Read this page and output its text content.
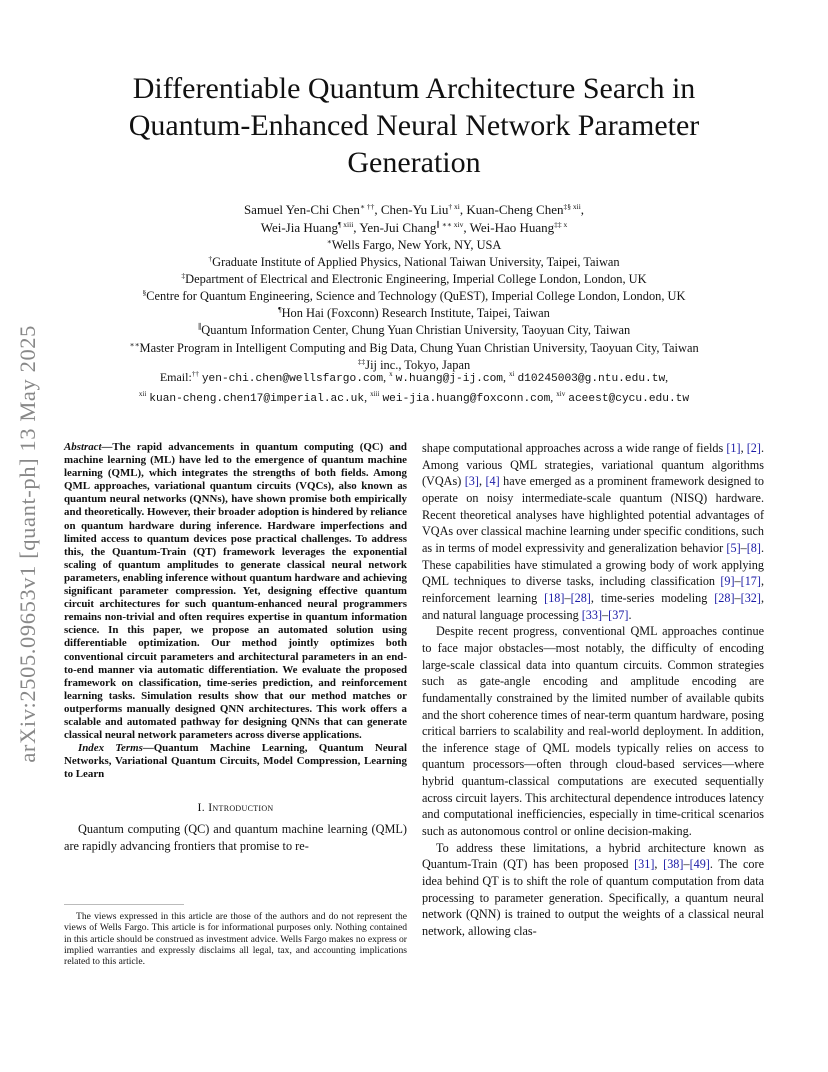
arXiv:2505.09653v1 [quant-ph] 13 May 2025
Differentiable Quantum Architecture Search in
Quantum-Enhanced Neural Network Parameter
Generation
Samuel Yen-Chi Chen∗ ††, Chen-Yu Liu$^{\dagger xi}$, Kuan-Cheng Chen$^{\ddagger\S xii}$,
Wei-Jia Huang$^{\P xiii}$, Yen-Jui Chang$^{\parallel ∗∗ xiv}$, Wei-Hao Huang$^{\ddagger\ddagger x}$
∗Wells Fargo, New York, NY, USA
†Graduate Institute of Applied Physics, National Taiwan University, Taipei, Taiwan
‡Department of Electrical and Electronic Engineering, Imperial College London, London, UK
§Centre for Quantum Engineering, Science and Technology (QuEST), Imperial College London, London, UK
¶Hon Hai (Foxconn) Research Institute, Taipei, Taiwan
∥Quantum Information Center, Chung Yuan Christian University, Taoyuan City, Taiwan
∗∗Master Program in Intelligent Computing and Big Data, Chung Yuan Christian University, Taoyuan City, Taiwan
‡‡Jij inc., Tokyo, Japan
Email:†† yen-chi.chen@wellsfargo.com, $^x$ w.huang@j-ij.com, $^{xi}$ d10245003@g.ntu.edu.tw,
$^{xii}$ kuan-cheng.chen17@imperial.ac.uk, $^{xiii}$ wei-jia.huang@foxconn.com, $^{xiv}$ aceest@cycu.edu.tw

Abstract—The rapid advancements in quantum computing (QC) and machine learning (ML) have led to the emergence of quantum machine learning (QML), which integrates the strengths of both fields. Among QML approaches, variational quantum circuits (VQCs), also known as quantum neural networks (QNNs), have shown promise both empirically and theoretically. However, their broader adoption is hindered by reliance on quantum hardware during inference. Hardware imperfections and limited access to quantum devices pose practical challenges. To address this, the Quantum-Train (QT) framework leverages the exponential scaling of quantum amplitudes to generate classical neural network parameters, enabling inference without quantum hardware and achieving significant parameter compression. Yet, designing effective quantum circuit architectures for such quantum-enhanced neural programmers remains non-trivial and often requires expertise in quantum information science. In this paper, we propose an automated solution using differentiable optimization. Our method jointly optimizes both conventional circuit parameters and architectural parameters in an end-to-end manner via automatic differentiation. We evaluate the proposed framework on classification, time-series prediction, and reinforcement learning tasks. Simulation results show that our method matches or outperforms manually designed QNN architectures. This work offers a scalable and automated pathway for designing QNNs that can generate classical neural network parameters across diverse applications.

Index Terms—Quantum Machine Learning, Quantum Neural Networks, Variational Quantum Circuits, Model Compression, Learning to Learn

I. Introduction

Quantum computing (QC) and quantum machine learning (QML) are rapidly advancing frontiers that promise to re-

The views expressed in this article are those of the authors and do not represent the views of Wells Fargo. This article is for informational purposes only. Nothing contained in this article should be construed as investment advice. Wells Fargo makes no express or implied warranties and expressly disclaims all legal, tax, and accounting implications related to this article.

shape computational approaches across a wide range of fields [1], [2]. Among various QML strategies, variational quantum algorithms (VQAs) [3], [4] have emerged as a prominent framework designed to operate on noisy intermediate-scale quantum (NISQ) hardware. Recent theoretical analyses have highlighted potential advantages of VQAs over classical machine learning under specific conditions, such as in terms of model expressivity and generalization behavior [5]–[8]. These capabilities have stimulated a growing body of work applying QML techniques to diverse tasks, including classification [9]–[17], reinforcement learning [18]–[28], time-series modeling [28]–[32], and natural language processing [33]–[37].

Despite recent progress, conventional QML approaches continue to face major obstacles—most notably, the difficulty of encoding large-scale classical data into quantum circuits. Common strategies such as gate-angle encoding and amplitude encoding are fundamentally constrained by the limited number of available qubits and the short coherence times of near-term quantum hardware, posing critical barriers to scalability and real-world deployment. In addition, the inference stage of QML models typically relies on access to quantum processors—often through cloud-based services—where hybrid quantum-classical computations are executed sequentially across circuit layers. This architectural dependence introduces latency and computational inefficiencies, especially in time-critical scenarios such as autonomous control or online decision-making.

To address these limitations, a hybrid architecture known as Quantum-Train (QT) has been proposed [31], [38]–[49]. The core idea behind QT is to shift the role of quantum computation from data processing to parameter generation. Specifically, a quantum neural network (QNN) is trained to output the weights of a classical neural network, allowing clas-
